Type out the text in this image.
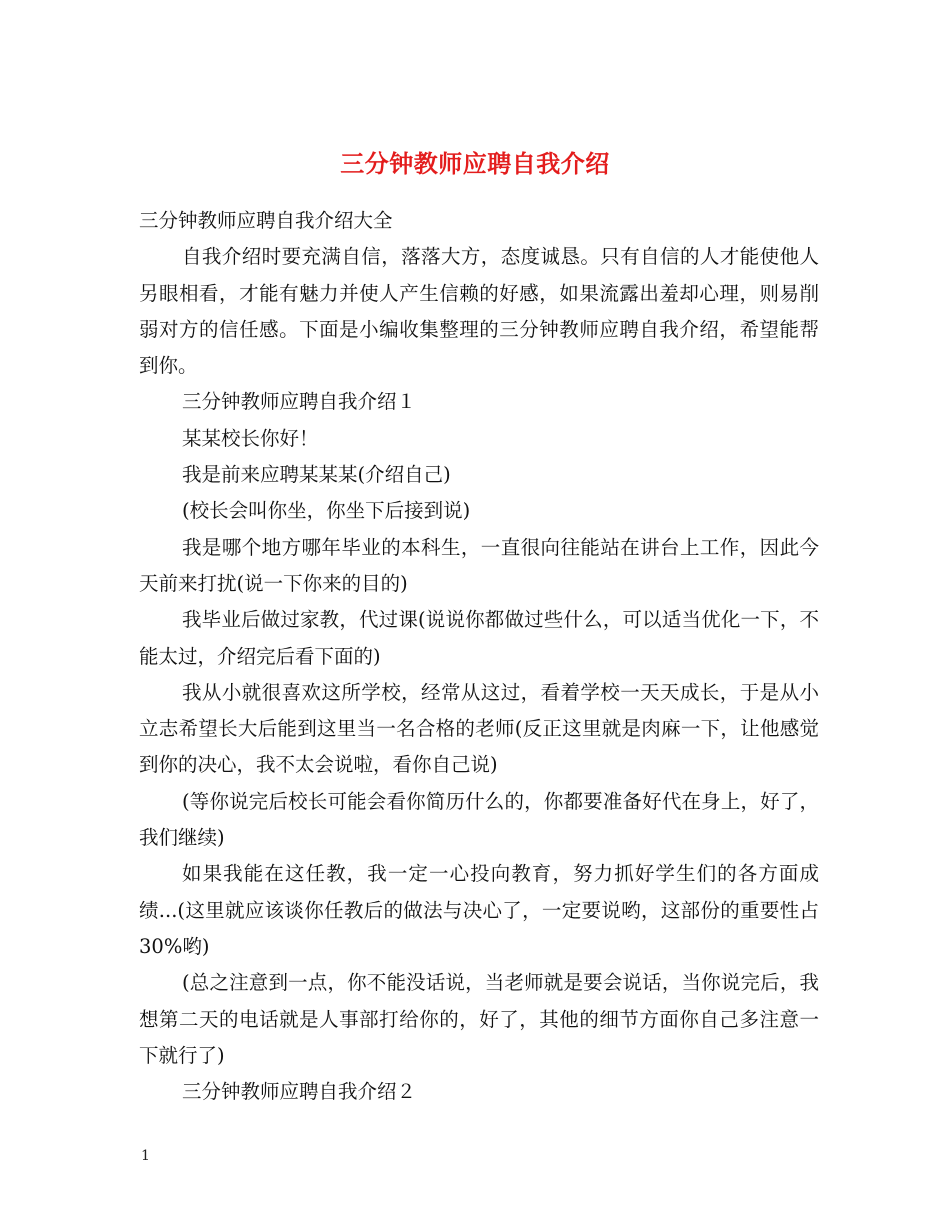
三分钟教师应聘自我介绍

三分钟教师应聘自我介绍大全

自我介绍时要充满自信，落落大方，态度诚恳。只有自信的人才能使他人另眼相看，才能有魅力并使人产生信赖的好感，如果流露出羞却心理，则易削弱对方的信任感。下面是小编收集整理的三分钟教师应聘自我介绍，希望能帮到你。

三分钟教师应聘自我介绍１

某某校长你好！

我是前来应聘某某某(介绍自己)

(校长会叫你坐，你坐下后接到说)

我是哪个地方哪年毕业的本科生，一直很向往能站在讲台上工作，因此今天前来打扰(说一下你来的目的)

我毕业后做过家教，代过课(说说你都做过些什么，可以适当优化一下，不能太过，介绍完后看下面的)

我从小就很喜欢这所学校，经常从这过，看着学校一天天成长，于是从小立志希望长大后能到这里当一名合格的老师(反正这里就是肉麻一下，让他感觉到你的决心，我不太会说啦，看你自己说)

(等你说完后校长可能会看你简历什么的，你都要准备好代在身上，好了，我们继续)

如果我能在这任教，我一定一心投向教育，努力抓好学生们的各方面成绩...(这里就应该谈你任教后的做法与决心了，一定要说哟，这部份的重要性占30%哟)

(总之注意到一点，你不能没话说，当老师就是要会说话，当你说完后，我想第二天的电话就是人事部打给你的，好了，其他的细节方面你自己多注意一下就行了)

三分钟教师应聘自我介绍２

1
